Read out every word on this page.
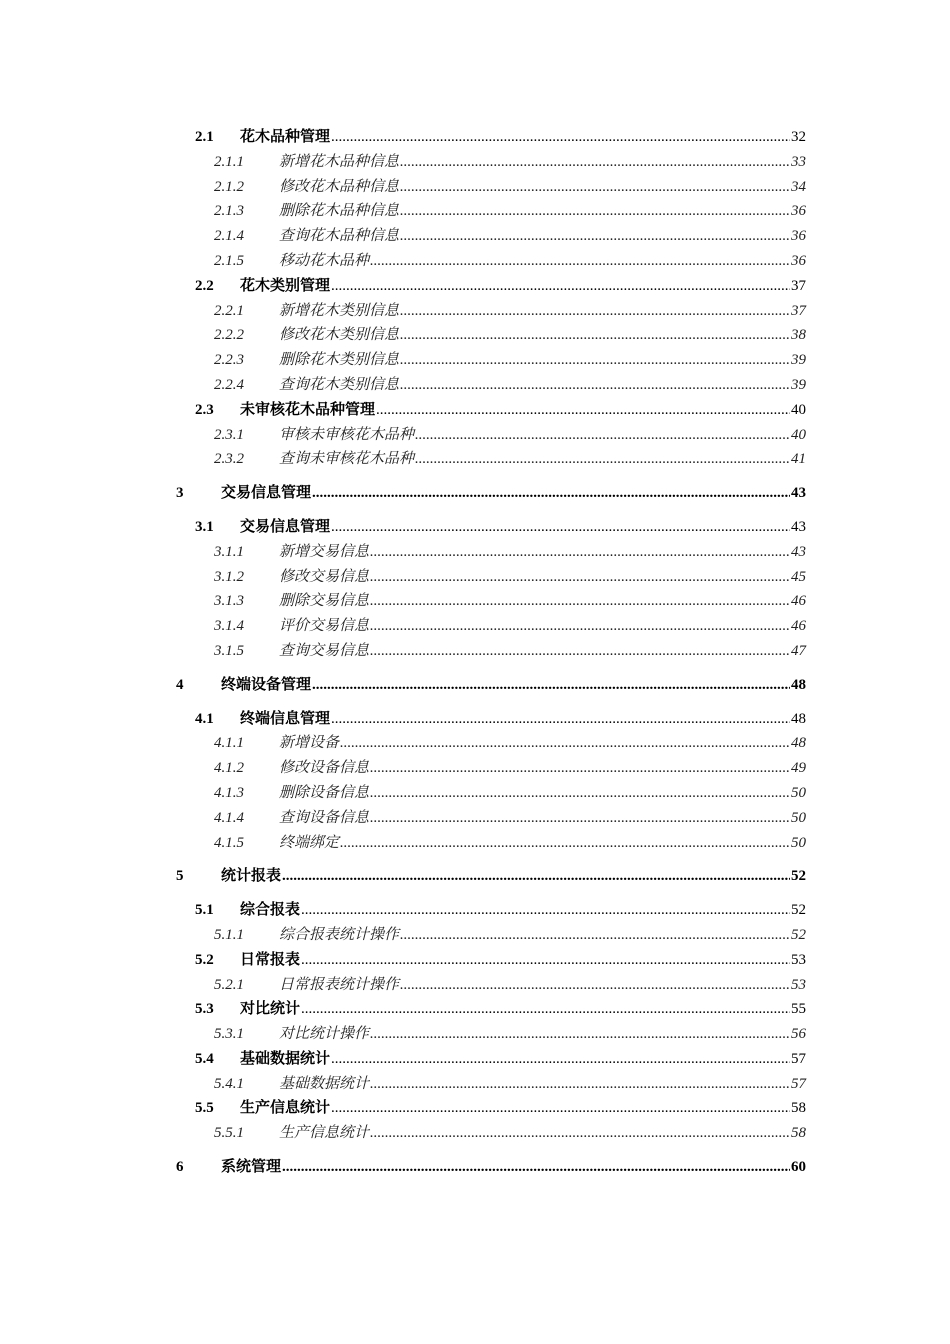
2.1 花木品种管理 .....	32
2.1.1 新增花木品种信息 .....	33
2.1.2 修改花木品种信息 .....	34
2.1.3 删除花木品种信息 .....	36
2.1.4 查询花木品种信息 .....	36
2.1.5 移动花木品种 .....	36
2.2 花木类别管理 .....	37
2.2.1 新增花木类别信息 .....	37
2.2.2 修改花木类别信息 .....	38
2.2.3 删除花木类别信息 .....	39
2.2.4 查询花木类别信息 .....	39
2.3 未审核花木品种管理 .....	40
2.3.1 审核未审核花木品种 .....	40
2.3.2 查询未审核花木品种 .....	41
3	交易信息管理 .....	43
3.1 交易信息管理 .....	43
3.1.1 新增交易信息 .....	43
3.1.2 修改交易信息 .....	45
3.1.3 删除交易信息 .....	46
3.1.4 评价交易信息 .....	46
3.1.5 查询交易信息 .....	47
4	终端设备管理 .....	48
4.1 终端信息管理 .....	48
4.1.1 新增设备 .....	48
4.1.2 修改设备信息 .....	49
4.1.3 删除设备信息 .....	50
4.1.4 查询设备信息 .....	50
4.1.5 终端绑定 .....	50
5	统计报表 .....	52
5.1 综合报表 .....	52
5.1.1 综合报表统计操作 .....	52
5.2 日常报表 .....	53
5.2.1 日常报表统计操作 .....	53
5.3 对比统计 .....	55
5.3.1 对比统计操作 .....	56
5.4 基础数据统计 .....	57
5.4.1 基础数据统计 .....	57
5.5 生产信息统计 .....	58
5.5.1 生产信息统计 .....	58
6	系统管理 .....	60
